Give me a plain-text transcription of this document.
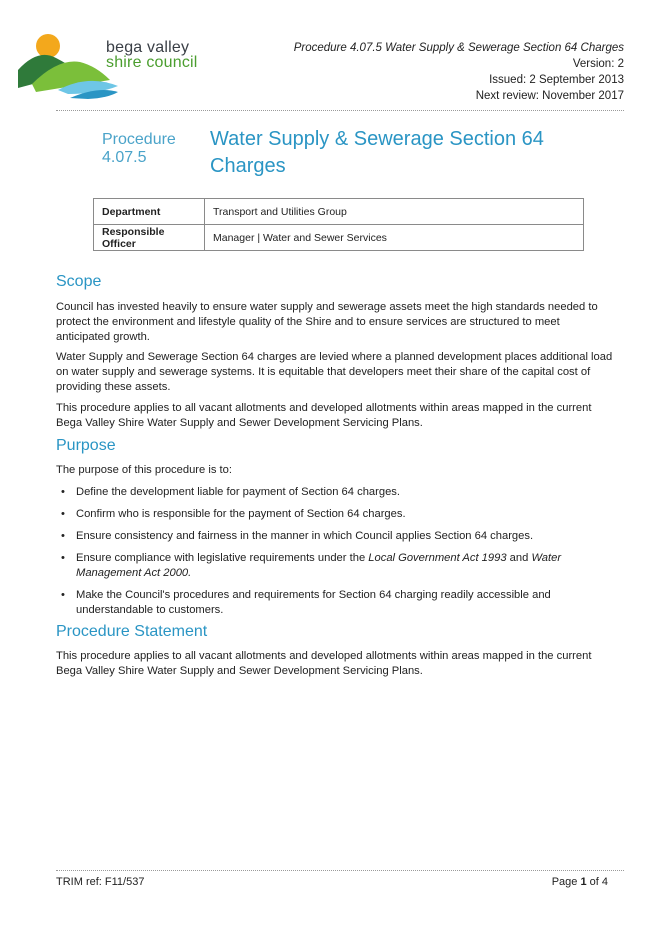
bega valley
shire council
Procedure 4.07.5 Water Supply & Sewerage Section 64 Charges
Version: 2
Issued: 2 September 2013
Next review: November 2017
Procedure
4.07.5
Water Supply & Sewerage Section 64
Charges
Department	Transport and Utilities Group
Responsible Officer	Manager | Water and Sewer Services
Scope

Council has invested heavily to ensure water supply and sewerage assets meet the high standards needed to protect the environment and lifestyle quality of the Shire and to ensure services are structured to meet anticipated growth.

Water Supply and Sewerage Section 64 charges are levied where a planned development places additional load on water supply and sewerage systems. It is equitable that developers meet their share of the capital cost of providing these assets.

This procedure applies to all vacant allotments and developed allotments within areas mapped in the current Bega Valley Shire Water Supply and Sewer Development Servicing Plans.

Purpose

The purpose of this procedure is to:

• Define the development liable for payment of Section 64 charges.
• Confirm who is responsible for the payment of Section 64 charges.
• Ensure consistency and fairness in the manner in which Council applies Section 64 charges.
• Ensure compliance with legislative requirements under the Local Government Act 1993 and Water Management Act 2000.
• Make the Council's procedures and requirements for Section 64 charging readily accessible and understandable to customers.
Procedure Statement

This procedure applies to all vacant allotments and developed allotments within areas mapped in the current Bega Valley Shire Water Supply and Sewer Development Servicing Plans.

TRIM ref: F11/537	Page 1 of 4
